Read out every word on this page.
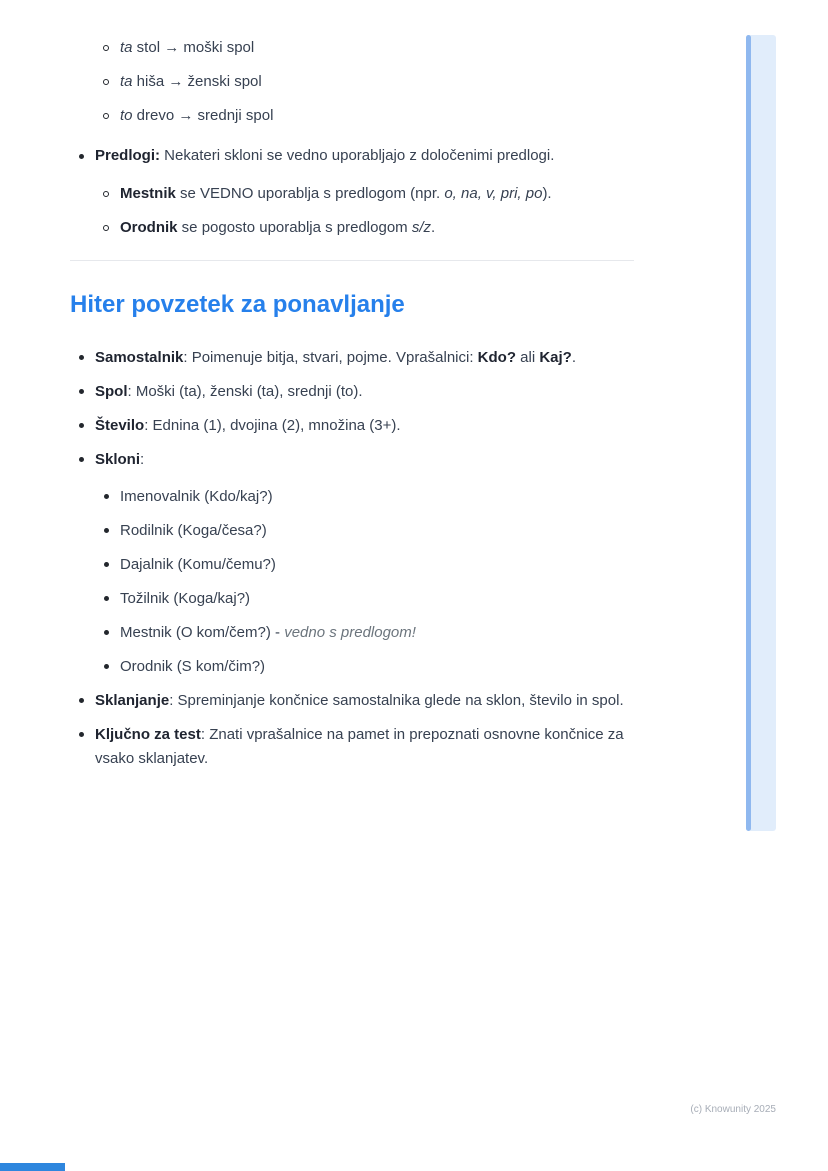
ta stol → moški spol
ta hiša → ženski spol
to drevo → srednji spol
Predlogi: Nekateri skloni se vedno uporabljajo z določenimi predlogi.
Mestnik se VEDNO uporablja s predlogom (npr. o, na, v, pri, po).
Orodnik se pogosto uporablja s predlogom s/z.
Hiter povzetek za ponavljanje
Samostalnik: Poimenuje bitja, stvari, pojme. Vprašalnici: Kdo? ali Kaj?.
Spol: Moški (ta), ženski (ta), srednji (to).
Število: Ednina (1), dvojina (2), množina (3+).
Skloni:
Imenovalnik (Kdo/kaj?)
Rodilnik (Koga/česa?)
Dajalnik (Komu/čemu?)
Tožilnik (Koga/kaj?)
Mestnik (O kom/čem?) - vedno s predlogom!
Orodnik (S kom/čim?)
Sklanjanje: Spreminjanje končnice samostalnika glede na sklon, število in spol.
Ključno za test: Znati vprašalnice na pamet in prepoznati osnovne končnice za vsako sklanjatev.
(c) Knowunity 2025
